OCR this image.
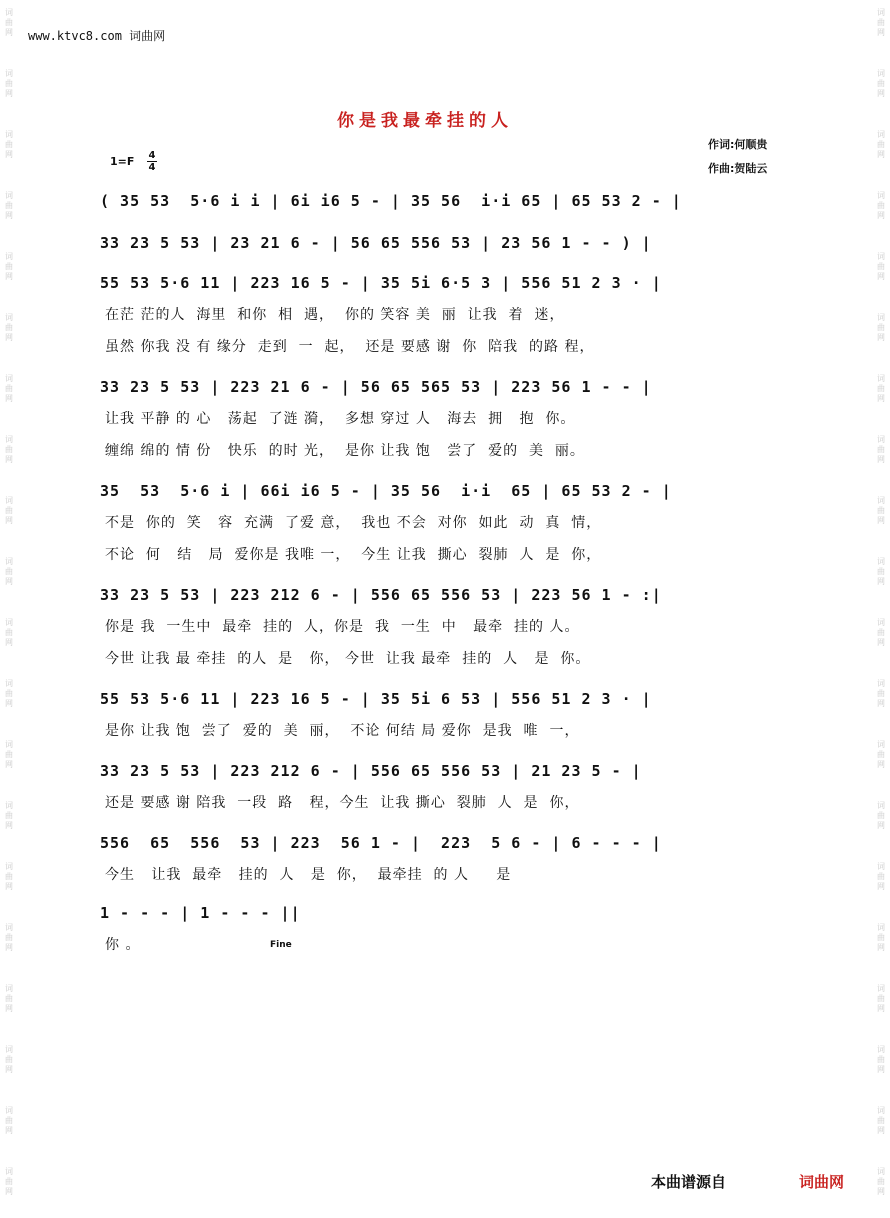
词
曲
网
词
曲
网
词
曲
网
词
曲
网
词
曲
网
词
曲
网
词
曲
网
词
曲
网
词
曲
网
词
曲
网
词
曲
网
词
曲
网
词
曲
网
词
曲
网
词
曲
网
词
曲
网
词
曲
网
词
曲
网
词
曲
网
词
曲
网
词
曲
网
词
曲
网
词
曲
网
词
曲
网
词
曲
网
词
曲
网
词
曲
网
词
曲
网
词
曲
网
词
曲
网
词
曲
网
词
曲
网
词
曲
网
词
曲
网
词
曲
网
词
曲
网
词
曲
网
词
曲
网
词
曲
网
词
曲
网
www.ktvc8.com 词曲网
你是我最牵挂的人
作词:何顺贵
作曲:贺陆云
1=F 4
4
( 35 53  5·6 i i | 6i i6 5 - | 35 56  i·i 65 | 65 53 2 - |
33 23 5 53 | 23 21 6 - | 56 65 556 53 | 23 56 1 - - ) |
55 53 5·6 11 | 223 16 5 - | 35 5i 6·5 3 | 556 51 2 3 · |
在茫 茫的人  海里  和你  相  遇，  你的 笑容 美  丽  让我  着  迷，
虽然 你我 没 有 缘分  走到  一  起，  还是 要感 谢  你  陪我  的路 程，
33 23 5 53 | 223 21 6 - | 56 65 565 53 | 223 56 1 - - |
让我 平静 的 心   荡起  了涟 漪，  多想 穿过 人   海去  拥   抱  你。
缠绵 绵的 情 份   快乐  的时 光，  是你 让我 饱   尝了  爱的  美  丽。
35  53  5·6 i | 66i i6 5 - | 35 56  i·i  65 | 65 53 2 - |
不是  你的  笑   容  充满  了爱 意，  我也 不会  对你  如此  动  真  情，
不论  何   结   局  爱你是 我唯 一，  今生 让我  撕心  裂肺  人  是  你，
33 23 5 53 | 223 212 6 - | 556 65 556 53 | 223 56 1 - :|
你是 我  一生中  最牵  挂的  人，你是  我  一生  中   最牵  挂的 人。
今世 让我 最 牵挂  的人  是   你， 今世  让我 最牵  挂的  人   是  你。
55 53 5·6 11 | 223 16 5 - | 35 5i 6 53 | 556 51 2 3 · |
是你 让我 饱  尝了  爱的  美  丽，  不论 何结 局 爱你  是我  唯  一，
33 23 5 53 | 223 212 6 - | 556 65 556 53 | 21 23 5 - |
还是 要感 谢 陪我  一段  路   程，今生  让我 撕心  裂肺  人  是  你，
556  65  556  53 | 223  56 1 - |  223  5 6 - | 6 - - - |
今生   让我  最牵   挂的  人   是  你，  最牵挂  的 人     是
1 - - - | 1 - - - ||
你 。	Fine
本曲谱源自	词曲网
